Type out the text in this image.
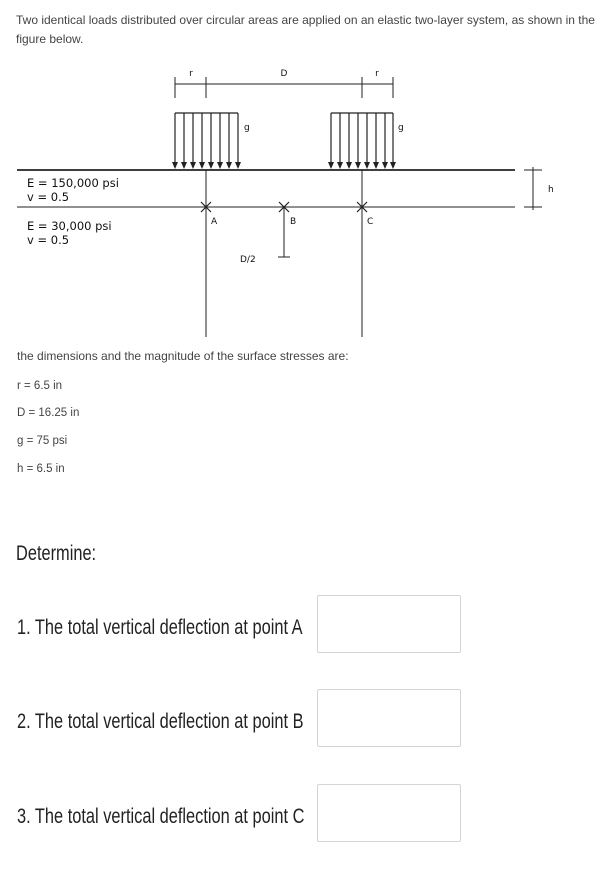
Two identical loads distributed over circular areas are applied on an elastic two-layer system, as shown in the figure below.
r	D	r
g	g
h
E = 150,000 psi
v = 0.5
E = 30,000 psi
v = 0.5
A	B	C
D/2
the dimensions and the magnitude of the surface stresses are:
r = 6.5 in
D = 16.25 in
g = 75 psi
h = 6.5 in
Determine:
1. The total vertical deflection at point A
2. The total vertical deflection at point B
3. The total vertical deflection at point C
